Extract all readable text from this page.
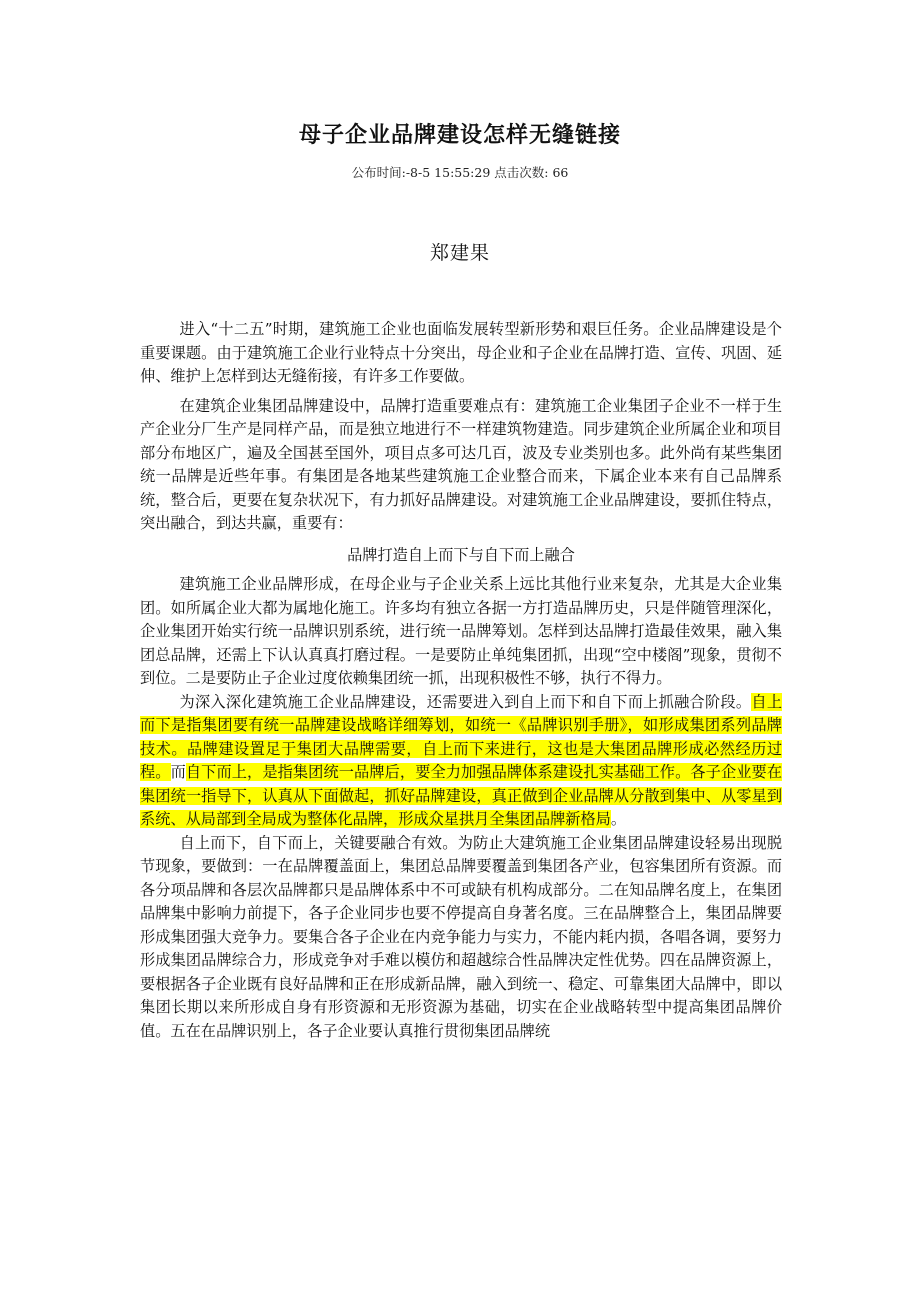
母子企业品牌建设怎样无缝链接
公布时间:-8-5 15:55:29 点击次数: 66
郑建果

进入“十二五”时期，建筑施工企业也面临发展转型新形势和艰巨任务。企业品牌建设是个重要课题。由于建筑施工企业行业特点十分突出，母企业和子企业在品牌打造、宣传、巩固、延伸、维护上怎样到达无缝衔接，有许多工作要做。

在建筑企业集团品牌建设中，品牌打造重要难点有：建筑施工企业集团子企业不一样于生产企业分厂生产是同样产品，而是独立地进行不一样建筑物建造。同步建筑企业所属企业和项目部分布地区广，遍及全国甚至国外，项目点多可达几百，波及专业类别也多。此外尚有某些集团统一品牌是近些年事。有集团是各地某些建筑施工企业整合而来，下属企业本来有自己品牌系统，整合后，更要在复杂状况下，有力抓好品牌建设。对建筑施工企业品牌建设，要抓住特点，突出融合，到达共赢，重要有：

品牌打造自上而下与自下而上融合

建筑施工企业品牌形成，在母企业与子企业关系上远比其他行业来复杂，尤其是大企业集团。如所属企业大都为属地化施工。许多均有独立各据一方打造品牌历史，只是伴随管理深化，企业集团开始实行统一品牌识别系统，进行统一品牌筹划。怎样到达品牌打造最佳效果，融入集团总品牌，还需上下认认真真打磨过程。一是要防止单纯集团抓，出现“空中楼阁”现象，贯彻不到位。二是要防止子企业过度依赖集团统一抓，出现积极性不够，执行不得力。

为深入深化建筑施工企业品牌建设，还需要进入到自上而下和自下而上抓融合阶段。自上而下是指集团要有统一品牌建设战略详细筹划，如统一《品牌识别手册》，如形成集团系列品牌技术。品牌建设置足于集团大品牌需要，自上而下来进行，这也是大集团品牌形成必然经历过程。而自下而上，是指集团统一品牌后，要全力加强品牌体系建设扎实基础工作。各子企业要在集团统一指导下，认真从下面做起，抓好品牌建设，真正做到企业品牌从分散到集中、从零星到系统、从局部到全局成为整体化品牌，形成众星拱月全集团品牌新格局。

自上而下，自下而上，关键要融合有效。为防止大建筑施工企业集团品牌建设轻易出现脱节现象，要做到：一在品牌覆盖面上，集团总品牌要覆盖到集团各产业，包容集团所有资源。而各分项品牌和各层次品牌都只是品牌体系中不可或缺有机构成部分。二在知品牌名度上，在集团品牌集中影响力前提下，各子企业同步也要不停提高自身著名度。三在品牌整合上，集团品牌要形成集团强大竞争力。要集合各子企业在内竞争能力与实力，不能内耗内损，各唱各调，要努力形成集团品牌综合力，形成竞争对手难以模仿和超越综合性品牌决定性优势。四在品牌资源上，要根据各子企业既有良好品牌和正在形成新品牌，融入到统一、稳定、可靠集团大品牌中，即以集团长期以来所形成自身有形资源和无形资源为基础，切实在企业战略转型中提高集团品牌价值。五在在品牌识别上，各子企业要认真推行贯彻集团品牌统
